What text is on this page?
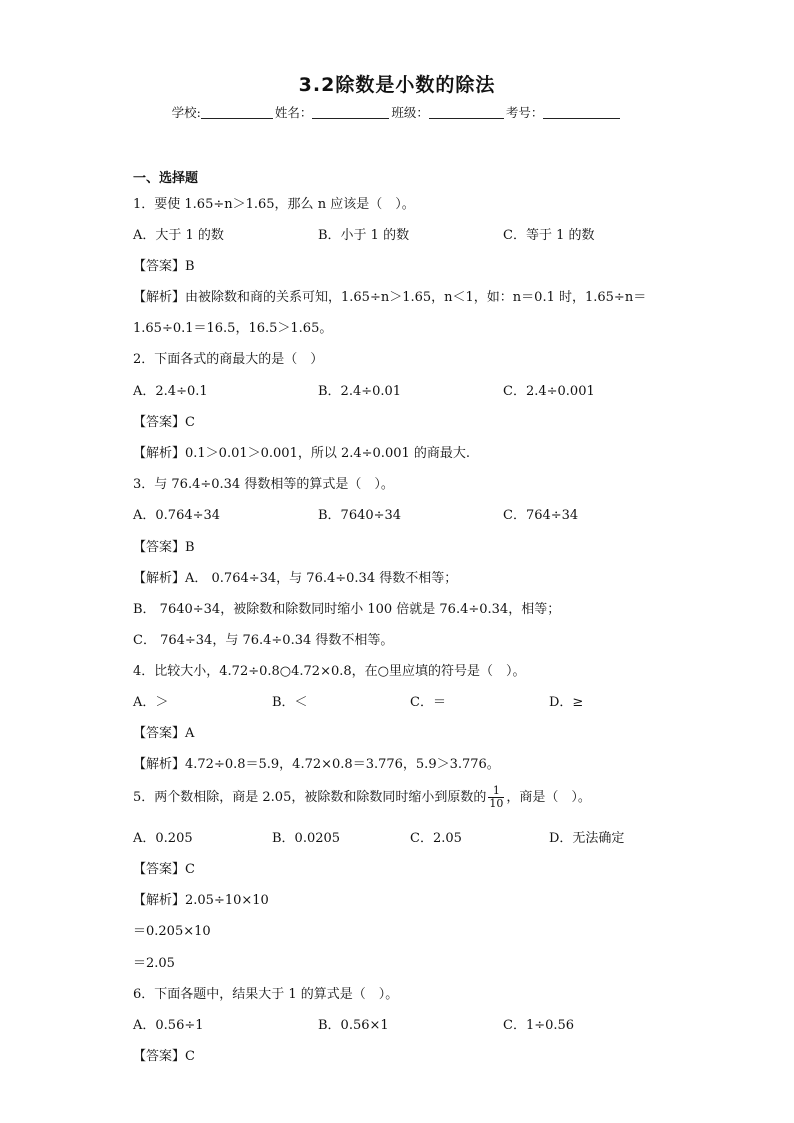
3.2除数是小数的除法
学校:	姓名：	班级：	考号：
一、选择题
1．要使 1.65÷n＞1.65，那么 n 应该是（　）。
A．大于 1 的数	B．小于 1 的数	C．等于 1 的数
【答案】B
【解析】由被除数和商的关系可知，1.65÷n＞1.65，n＜1，如：n＝0.1 时，1.65÷n＝
1.65÷0.1＝16.5，16.5＞1.65。
2．下面各式的商最大的是（　）
A．2.4÷0.1	B．2.4÷0.01	C．2.4÷0.001
【答案】C
【解析】0.1＞0.01＞0.001，所以 2.4÷0.001 的商最大.
3．与 76.4÷0.34 得数相等的算式是（　）。
A．0.764÷34	B．7640÷34	C．764÷34
【答案】B
【解析】A． 0.764÷34，与 76.4÷0.34 得数不相等；
B． 7640÷34，被除数和除数同时缩小 100 倍就是 76.4÷0.34，相等；
C． 764÷34，与 76.4÷0.34 得数不相等。
4．比较大小，4.72÷0.8○4.72×0.8，在○里应填的符号是（　）。
A．＞	B．＜	C．＝	D．≥
【答案】A
【解析】4.72÷0.8＝5.9，4.72×0.8＝3.776，5.9＞3.776。
5．两个数相除，商是 2.05，被除数和除数同时缩小到原数的 $\frac{1}{10}$ ，商是（　）。
A．0.205	B．0.0205	C．2.05	D．无法确定
【答案】C
【解析】2.05÷10×10
＝0.205×10
＝2.05
6．下面各题中，结果大于 1 的算式是（　）。
A．0.56÷1	B．0.56×1	C．1÷0.56
【答案】C
